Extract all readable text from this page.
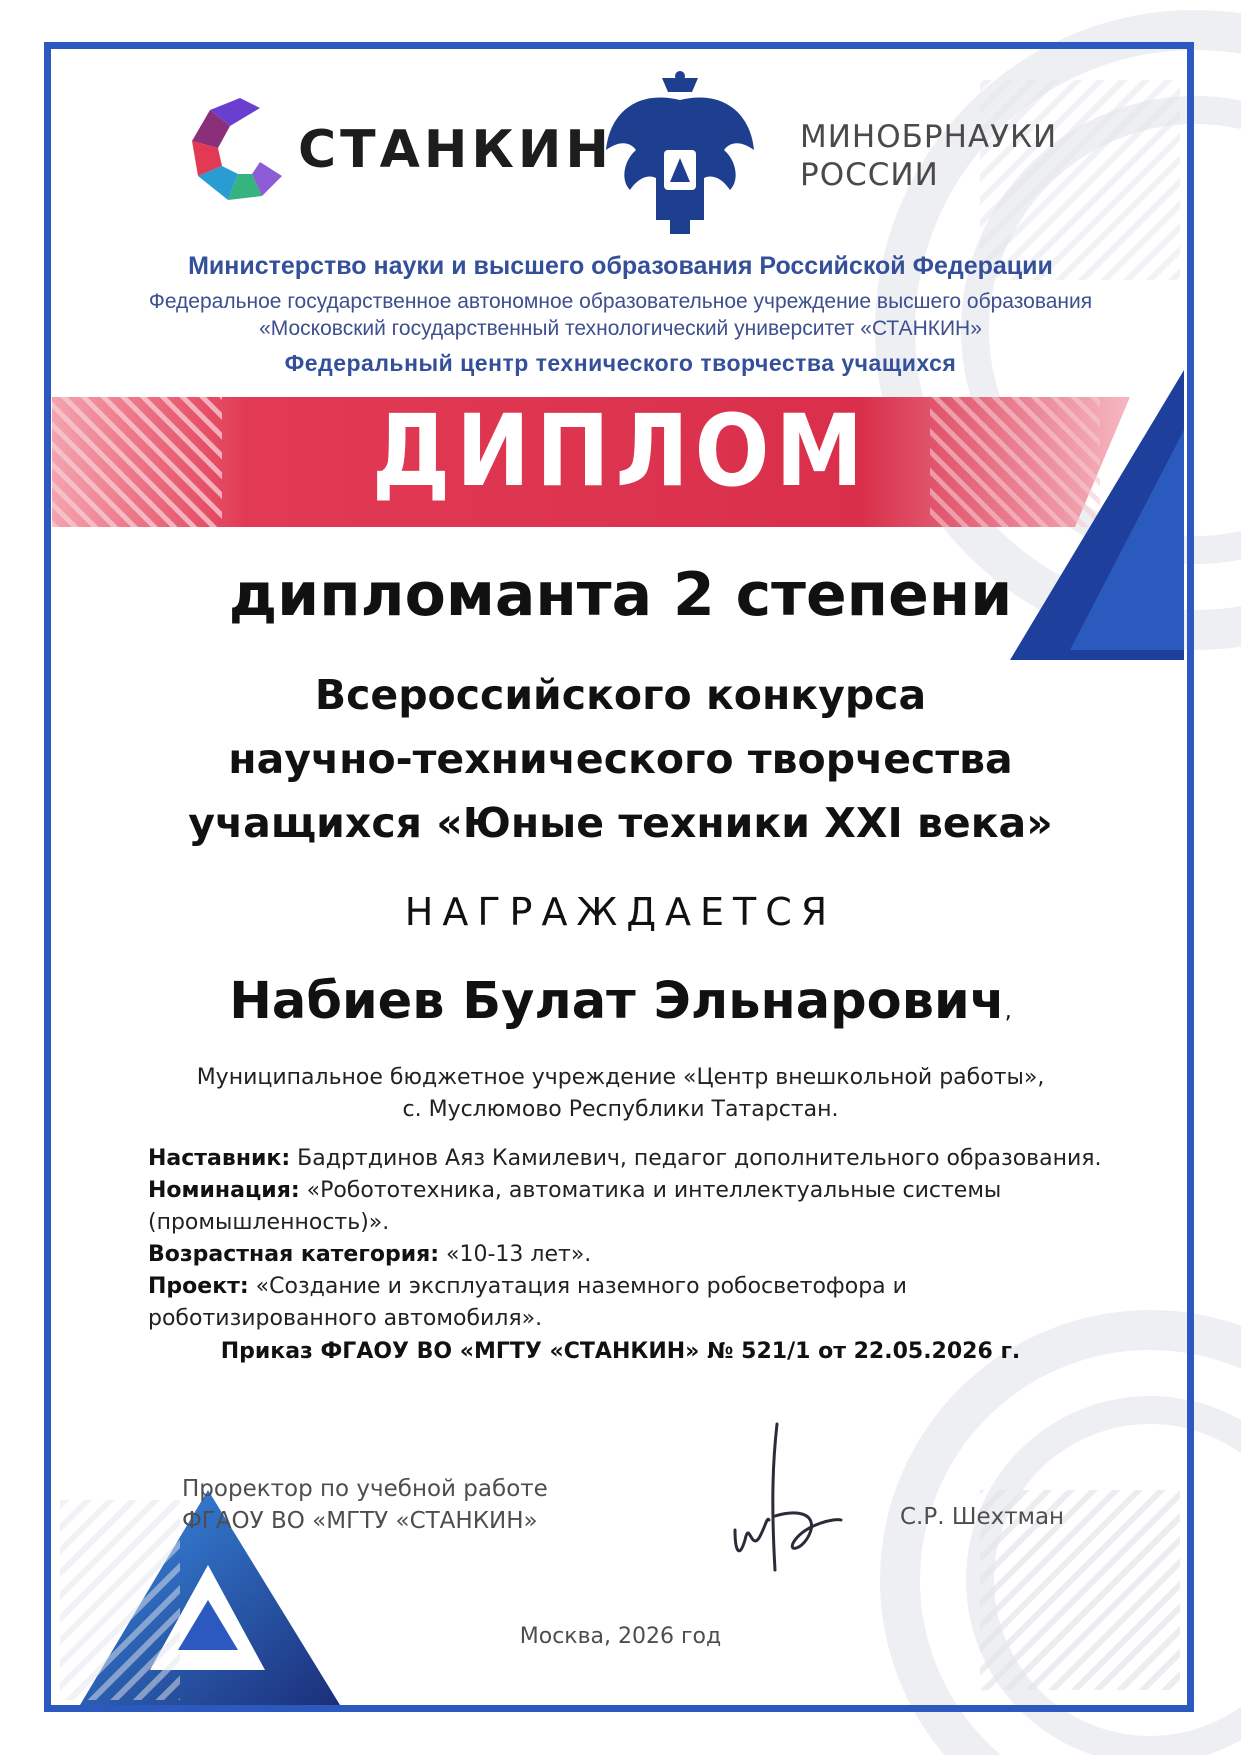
СТАНКИН	МИНОБРНАУКИ
РОССИИ
Министерство науки и высшего образования Российской Федерации
Федеральное государственное автономное образовательное учреждение высшего образования
«Московский государственный технологический университет «СТАНКИН»
Федеральный центр технического творчества учащихся
ДИПЛОМ
дипломанта 2 степени
Всероссийского конкурса
научно-технического творчества
учащихся «Юные техники XXI века»
НАГРАЖДАЕТСЯ
Набиев Булат Эльнарович,
Муниципальное бюджетное учреждение «Центр внешкольной работы»,
с. Муслюмово Республики Татарстан.
Наставник: Бадртдинов Аяз Камилевич, педагог дополнительного образования.
Номинация: «Робототехника, автоматика и интеллектуальные системы
(промышленность)».
Возрастная категория: «10-13 лет».
Проект: «Создание и эксплуатация наземного робосветофора и
роботизированного автомобиля».
Приказ ФГАОУ ВО «МГТУ «СТАНКИН» № 521/1 от 22.05.2026 г.
Проректор по учебной работе
ФГАОУ ВО «МГТУ «СТАНКИН»	С.Р. Шехтман
Москва, 2026 год
